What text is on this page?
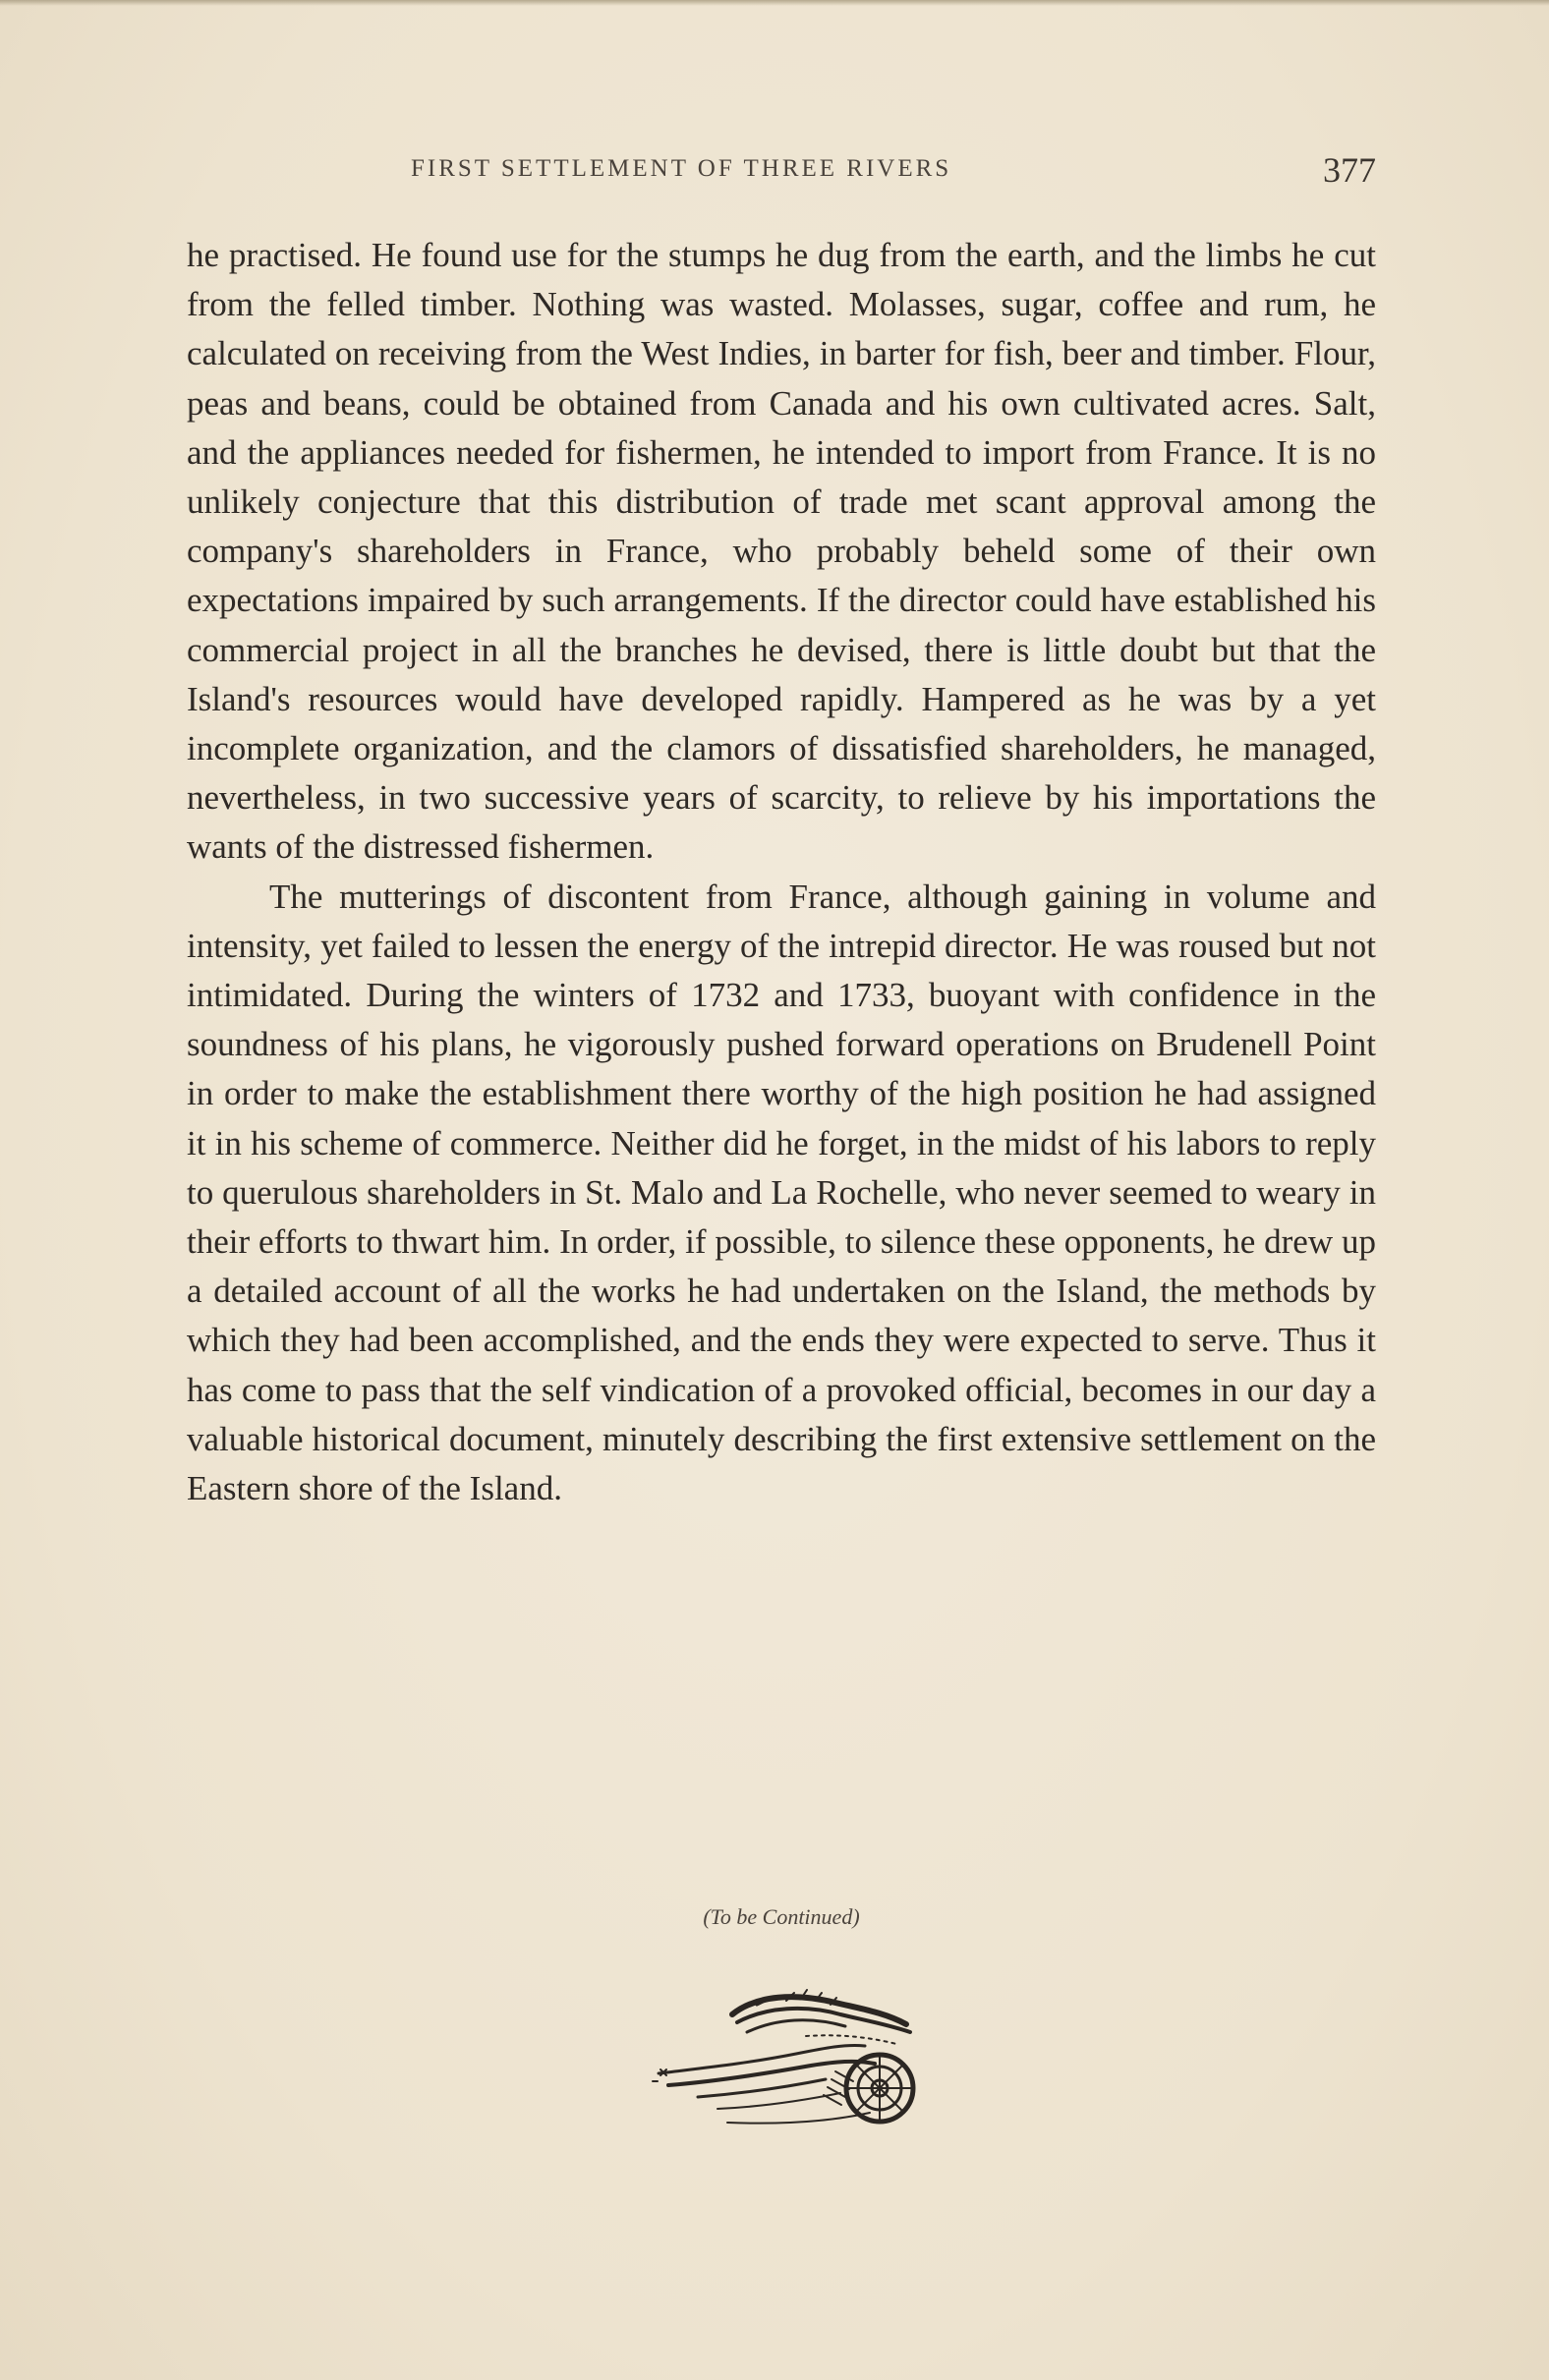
FIRST SETTLEMENT OF THREE RIVERS	377

he practised. He found use for the stumps he dug from the earth, and the limbs he cut from the felled timber. Nothing was wasted. Molasses, sugar, coffee and rum, he calculated on receiving from the West Indies, in barter for fish, beer and timber. Flour, peas and beans, could be obtained from Canada and his own cultivated acres. Salt, and the appliances needed for fishermen, he intended to import from France. It is no unlikely conjecture that this distribution of trade met scant approval among the company's shareholders in France, who probably beheld some of their own expectations impaired by such arrangements. If the director could have established his commercial project in all the branches he devised, there is little doubt but that the Island's resources would have developed rapidly. Hampered as he was by a yet incomplete organization, and the clamors of dissatisfied shareholders, he managed, nevertheless, in two successive years of scarcity, to relieve by his importations the wants of the distressed fishermen.

The mutterings of discontent from France, although gaining in volume and intensity, yet failed to lessen the energy of the intrepid director. He was roused but not intimidated. During the winters of 1732 and 1733, buoyant with confidence in the soundness of his plans, he vigorously pushed forward operations on Brudenell Point in order to make the establishment there worthy of the high position he had assigned it in his scheme of commerce. Neither did he forget, in the midst of his labors to reply to querulous shareholders in St. Malo and La Rochelle, who never seemed to weary in their efforts to thwart him. In order, if possible, to silence these opponents, he drew up a detailed account of all the works he had undertaken on the Island, the methods by which they had been accomplished, and the ends they were expected to serve. Thus it has come to pass that the self vindication of a provoked official, becomes in our day a valuable historical document, minutely describing the first extensive settlement on the Eastern shore of the Island.

(To be Continued)
